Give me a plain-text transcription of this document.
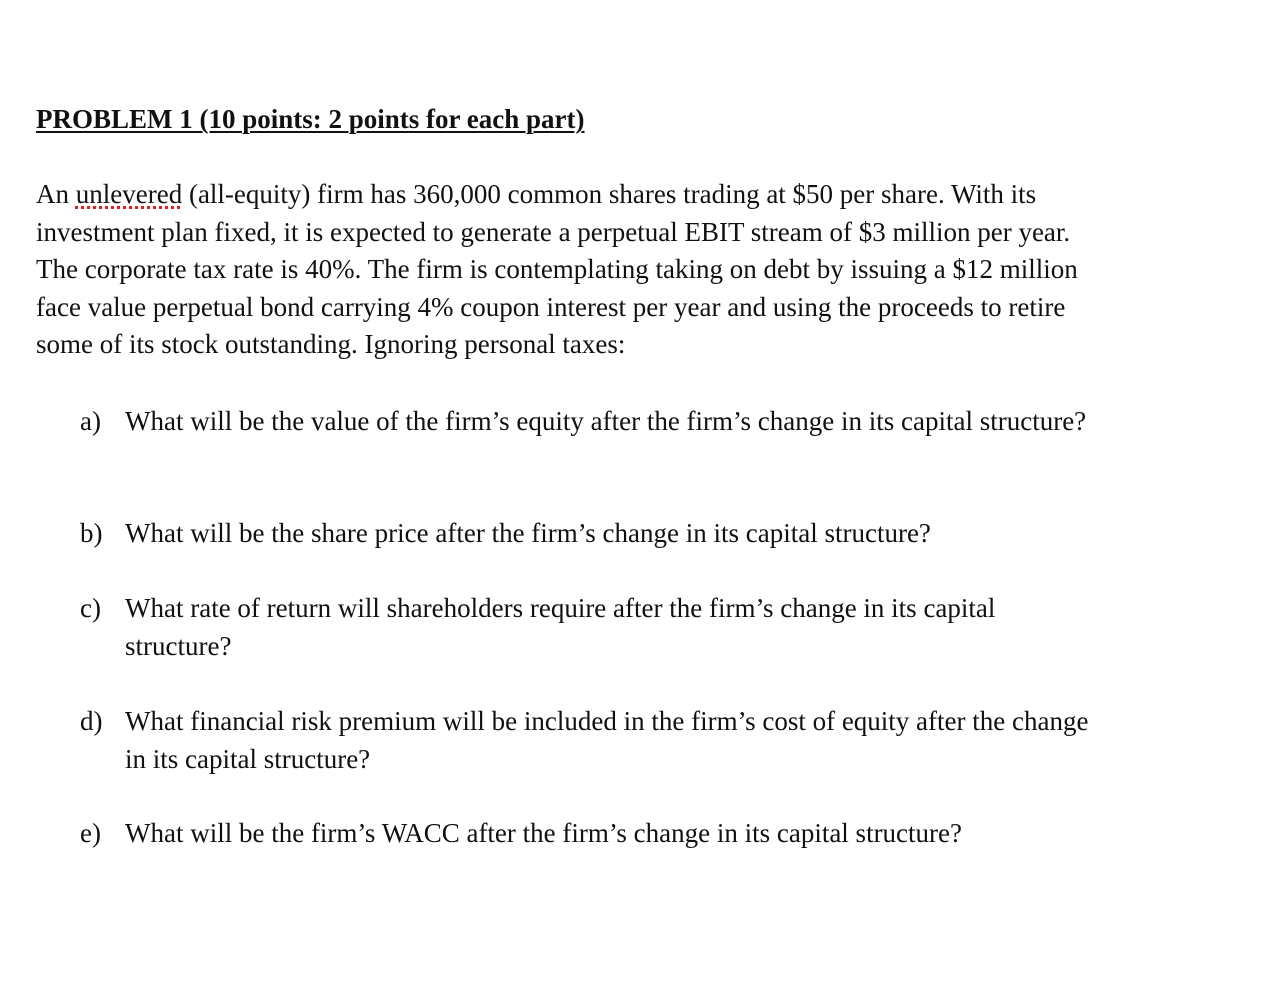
PROBLEM 1 (10 points: 2 points for each part)
An unlevered (all-equity) firm has 360,000 common shares trading at $50 per share. With its
investment plan fixed, it is expected to generate a perpetual EBIT stream of $3 million per year.
The corporate tax rate is 40%. The firm is contemplating taking on debt by issuing a $12 million
face value perpetual bond carrying 4% coupon interest per year and using the proceeds to retire
some of its stock outstanding. Ignoring personal taxes:
a) What will be the value of the firm’s equity after the firm’s change in its capital structure?
b) What will be the share price after the firm’s change in its capital structure?
c) What rate of return will shareholders require after the firm’s change in its capital
structure?
d) What financial risk premium will be included in the firm’s cost of equity after the change
in its capital structure?
e) What will be the firm’s WACC after the firm’s change in its capital structure?
